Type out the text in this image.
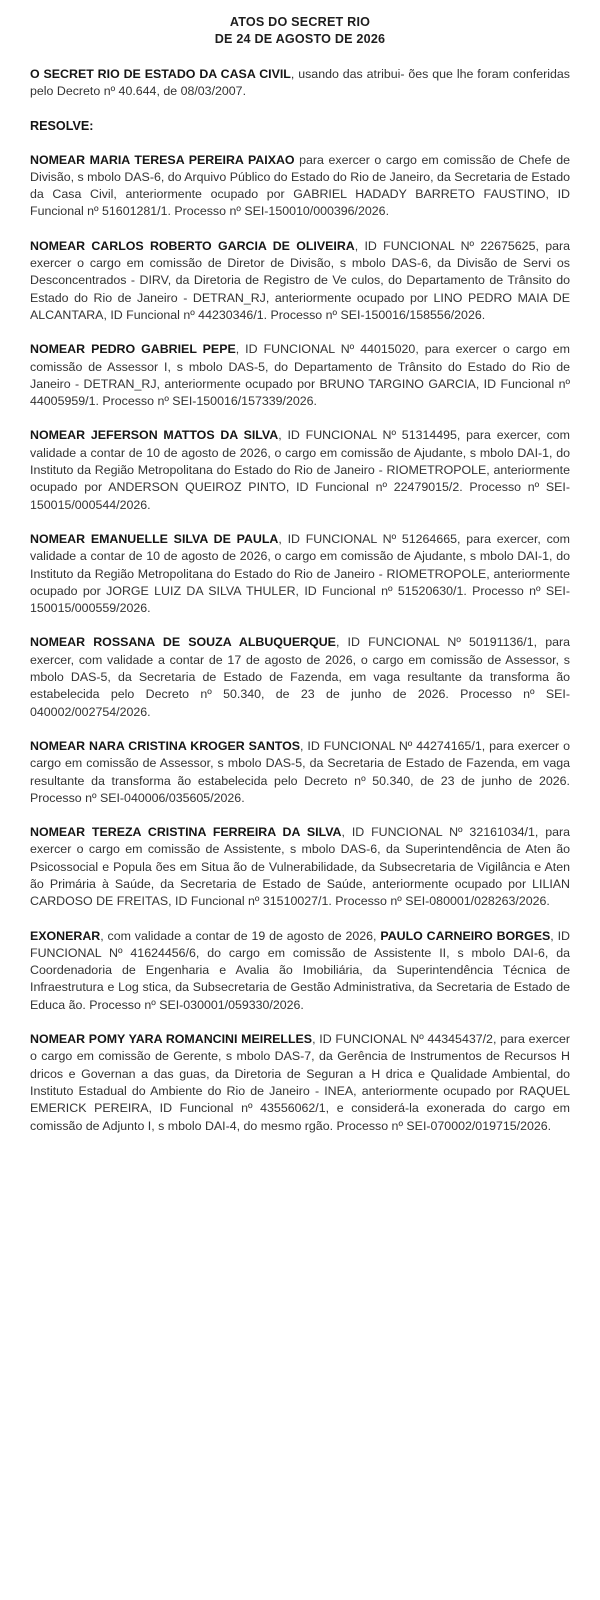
ATOS DO SECRET RIO
DE 24 DE AGOSTO DE 2026

O SECRET RIO DE ESTADO DA CASA CIVIL, usando das atribui- ões que lhe foram conferidas pelo Decreto nº 40.644, de 08/03/2007.

RESOLVE:

NOMEAR MARIA TERESA PEREIRA PAIXAO para exercer o cargo em comissão de Chefe de Divisão, s mbolo DAS-6, do Arquivo Público do Estado do Rio de Janeiro, da Secretaria de Estado da Casa Civil, anteriormente ocupado por GABRIEL HADADY BARRETO FAUSTINO, ID Funcional nº 51601281/1. Processo nº SEI-150010/000396/2026.

NOMEAR CARLOS ROBERTO GARCIA DE OLIVEIRA, ID FUNCIONAL Nº 22675625, para exercer o cargo em comissão de Diretor de Divisão, s mbolo DAS-6, da Divisão de Servi os Desconcentrados - DIRV, da Diretoria de Registro de Ve culos, do Departamento de Trânsito do Estado do Rio de Janeiro - DETRAN_RJ, anteriormente ocupado por LINO PEDRO MAIA DE ALCANTARA, ID Funcional nº 44230346/1. Processo nº SEI-150016/158556/2026.

NOMEAR PEDRO GABRIEL PEPE, ID FUNCIONAL Nº 44015020, para exercer o cargo em comissão de Assessor I, s mbolo DAS-5, do Departamento de Trânsito do Estado do Rio de Janeiro - DETRAN_RJ, anteriormente ocupado por BRUNO TARGINO GARCIA, ID Funcional nº 44005959/1. Processo nº SEI-150016/157339/2026.

NOMEAR JEFERSON MATTOS DA SILVA, ID FUNCIONAL Nº 51314495, para exercer, com validade a contar de 10 de agosto de 2026, o cargo em comissão de Ajudante, s mbolo DAI-1, do Instituto da Região Metropolitana do Estado do Rio de Janeiro - RIOMETROPOLE, anteriormente ocupado por ANDERSON QUEIROZ PINTO, ID Funcional nº 22479015/2. Processo nº SEI-150015/000544/2026.

NOMEAR EMANUELLE SILVA DE PAULA, ID FUNCIONAL Nº 51264665, para exercer, com validade a contar de 10 de agosto de 2026, o cargo em comissão de Ajudante, s mbolo DAI-1, do Instituto da Região Metropolitana do Estado do Rio de Janeiro - RIOMETROPOLE, anteriormente ocupado por JORGE LUIZ DA SILVA THULER, ID Funcional nº 51520630/1. Processo nº SEI-150015/000559/2026.

NOMEAR ROSSANA DE SOUZA ALBUQUERQUE, ID FUNCIONAL Nº 50191136/1, para exercer, com validade a contar de 17 de agosto de 2026, o cargo em comissão de Assessor, s mbolo DAS-5, da Secretaria de Estado de Fazenda, em vaga resultante da transforma ão estabelecida pelo Decreto nº 50.340, de 23 de junho de 2026. Processo nº SEI-040002/002754/2026.

NOMEAR NARA CRISTINA KROGER SANTOS, ID FUNCIONAL Nº 44274165/1, para exercer o cargo em comissão de Assessor, s mbolo DAS-5, da Secretaria de Estado de Fazenda, em vaga resultante da transforma ão estabelecida pelo Decreto nº 50.340, de 23 de junho de 2026. Processo nº SEI-040006/035605/2026.

NOMEAR TEREZA CRISTINA FERREIRA DA SILVA, ID FUNCIONAL Nº 32161034/1, para exercer o cargo em comissão de Assistente, s mbolo DAS-6, da Superintendência de Aten ão Psicossocial e Popula ões em Situa ão de Vulnerabilidade, da Subsecretaria de Vigilância e Aten ão Primária à Saúde, da Secretaria de Estado de Saúde, anteriormente ocupado por LILIAN CARDOSO DE FREITAS, ID Funcional nº 31510027/1. Processo nº SEI-080001/028263/2026.

EXONERAR, com validade a contar de 19 de agosto de 2026, PAULO CARNEIRO BORGES, ID FUNCIONAL Nº 41624456/6, do cargo em comissão de Assistente II, s mbolo DAI-6, da Coordenadoria de Engenharia e Avalia ão Imobiliária, da Superintendência Técnica de Infraestrutura e Log stica, da Subsecretaria de Gestão Administrativa, da Secretaria de Estado de Educa ão. Processo nº SEI-030001/059330/2026.

NOMEAR POMY YARA ROMANCINI MEIRELLES, ID FUNCIONAL Nº 44345437/2, para exercer o cargo em comissão de Gerente, s mbolo DAS-7, da Gerência de Instrumentos de Recursos H dricos e Governan a das guas, da Diretoria de Seguran a H drica e Qualidade Ambiental, do Instituto Estadual do Ambiente do Rio de Janeiro - INEA, anteriormente ocupado por RAQUEL EMERICK PEREIRA, ID Funcional nº 43556062/1, e considerá-la exonerada do cargo em comissão de Adjunto I, s mbolo DAI-4, do mesmo rgão. Processo nº SEI-070002/019715/2026.
